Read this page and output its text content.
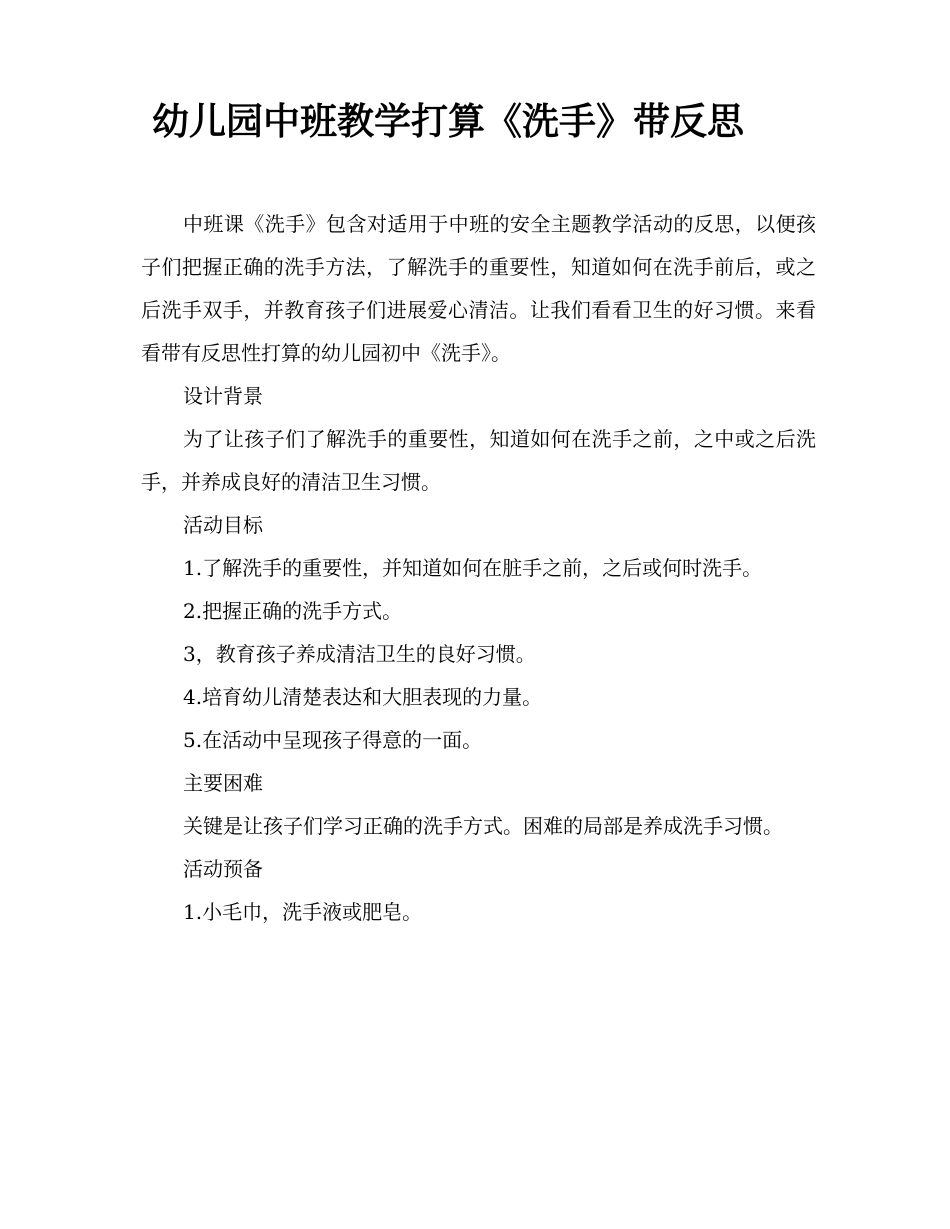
幼儿园中班教学打算《洗手》带反思

中班课《洗手》包含对适用于中班的安全主题教学活动的反思，以便孩子们把握正确的洗手方法，了解洗手的重要性，知道如何在洗手前后，或之后洗手双手，并教育孩子们进展爱心清洁。让我们看看卫生的好习惯。来看看带有反思性打算的幼儿园初中《洗手》。

设计背景

为了让孩子们了解洗手的重要性，知道如何在洗手之前，之中或之后洗手，并养成良好的清洁卫生习惯。

活动目标

1.了解洗手的重要性，并知道如何在脏手之前，之后或何时洗手。

2.把握正确的洗手方式。

3，教育孩子养成清洁卫生的良好习惯。

4.培育幼儿清楚表达和大胆表现的力量。

5.在活动中呈现孩子得意的一面。

主要困难

关键是让孩子们学习正确的洗手方式。困难的局部是养成洗手习惯。

活动预备

1.小毛巾，洗手液或肥皂。
